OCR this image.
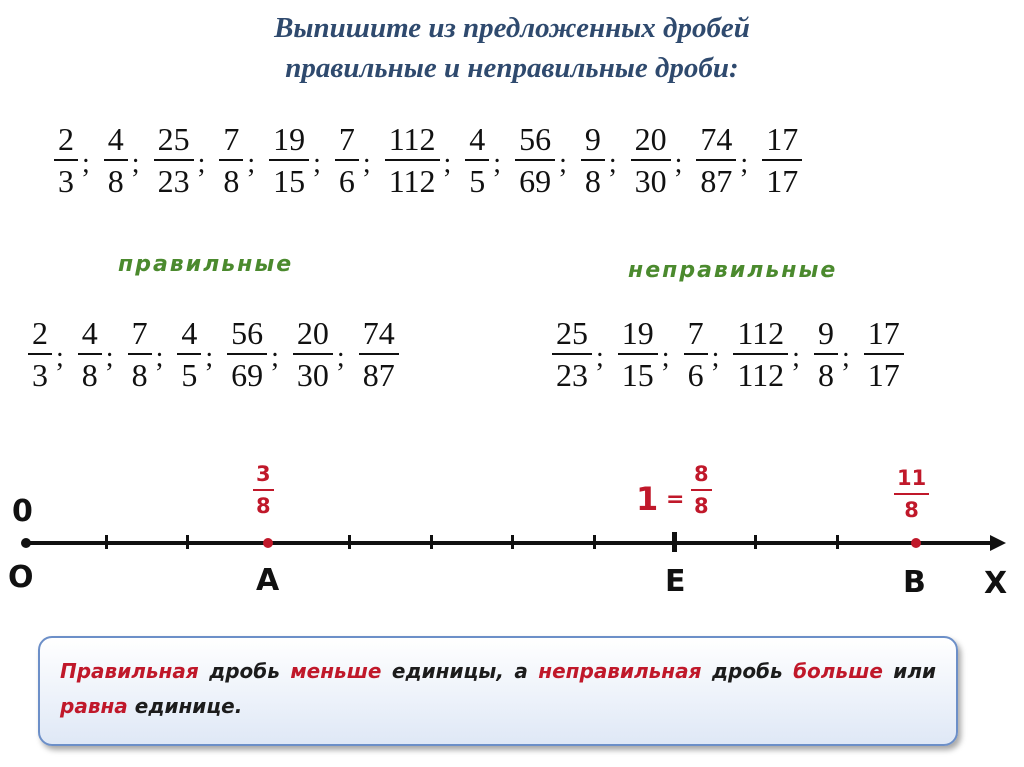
Выпишите из предложенных дробей
правильные и неправильные дроби:
$\frac{2}{3}$ ; $\frac{4}{8}$ ; $\frac{25}{23}$ ; $\frac{7}{8}$ ; $\frac{19}{15}$ ; $\frac{7}{6}$ ; $\frac{112}{112}$ ; $\frac{4}{5}$ ; $\frac{56}{69}$ ; $\frac{9}{8}$ ; $\frac{20}{30}$ ; $\frac{74}{87}$ ; $\frac{17}{17}$
правильные	неправильные
$\frac{2}{3}$ ; $\frac{4}{8}$ ; $\frac{7}{8}$ ; $\frac{4}{5}$ ; $\frac{56}{69}$ ; $\frac{20}{30}$ ; $\frac{74}{87}$	$\frac{25}{23}$ ; $\frac{19}{15}$ ; $\frac{7}{6}$ ; $\frac{112}{112}$ ; $\frac{9}{8}$ ; $\frac{17}{17}$
0
O	A	E	B X
$\frac{3}{8}$	$1 = \frac{8}{8}$	$\frac{11}{8}$
Правильная дробь меньше единицы, а неправильная дробь больше или равна единице.
